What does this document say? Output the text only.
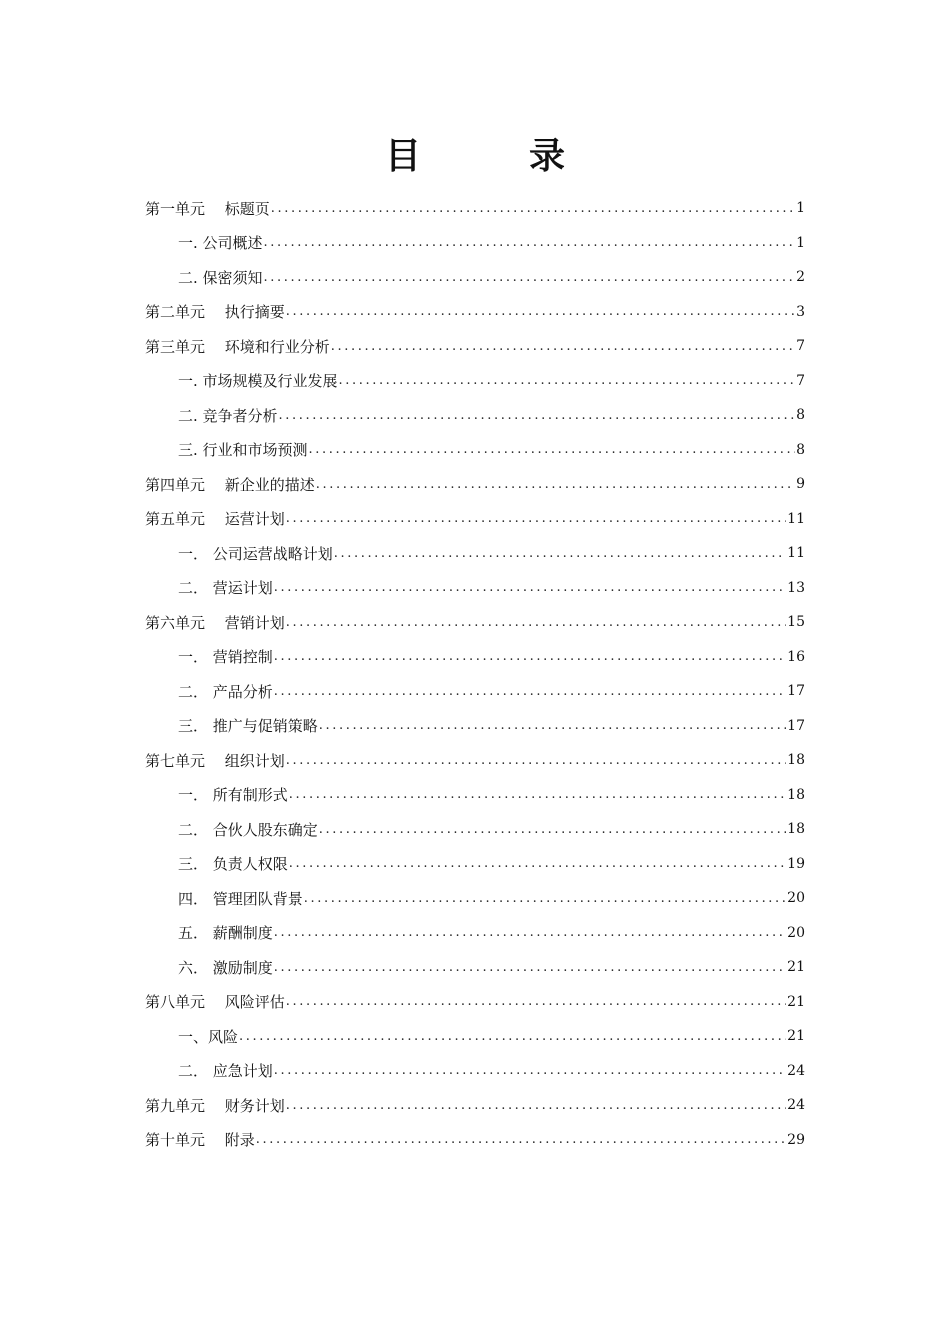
目　录
第一单元　 标题页 .....	1
一. 公司概述 .....	1
二. 保密须知 .....	2
第二单元　 执行摘要 .....	3
第三单元　 环境和行业分析 .....	7
一. 市场规模及行业发展 .....	7
二. 竞争者分析 .....	8
三. 行业和市场预测 .....	8
第四单元　 新企业的描述 .....	9
第五单元　 运营计划 .....	11
一． 公司运营战略计划 .....	11
二． 营运计划 .....	13
第六单元　 营销计划 .....	15
一． 营销控制 .....	16
二． 产品分析 .....	17
三． 推广与促销策略 .....	17
第七单元　 组织计划 .....	18
一． 所有制形式 .....	18
二． 合伙人股东确定 .....	18
三． 负责人权限 .....	19
四． 管理团队背景 .....	20
五． 薪酬制度 .....	20
六． 激励制度 .....	21
第八单元　 风险评估 .....	21
一、风险 .....	21
二． 应急计划 .....	24
第九单元　 财务计划 .....	24
第十单元　 附录 .....	29
